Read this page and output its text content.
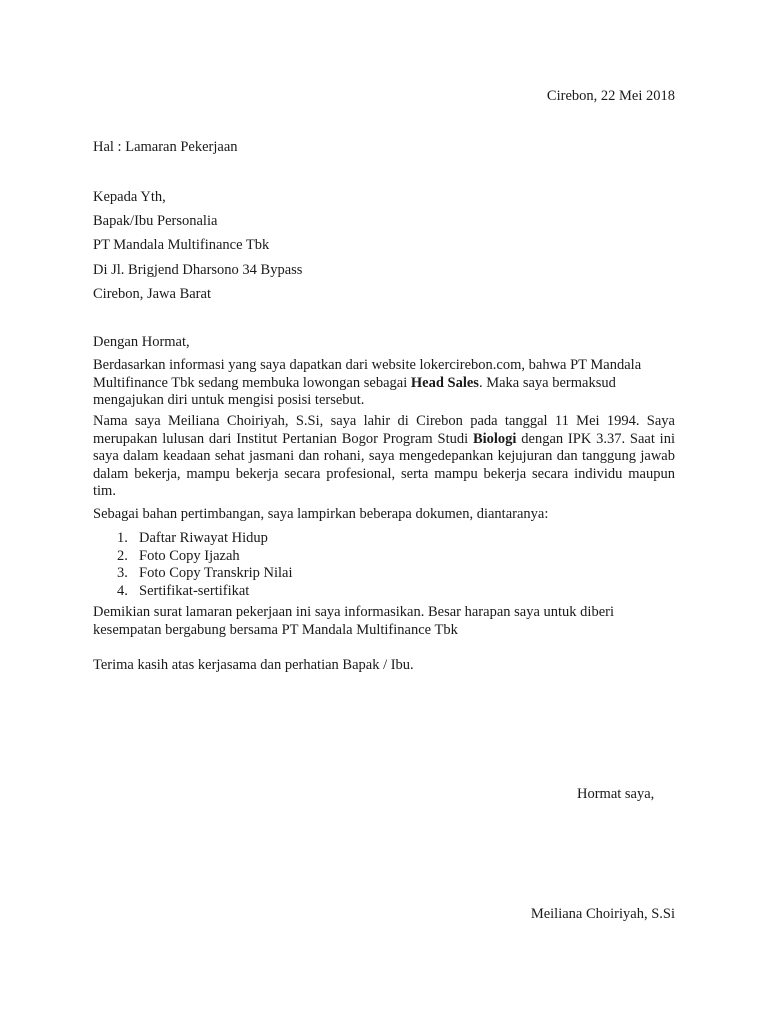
Cirebon, 22 Mei 2018
Hal : Lamaran Pekerjaan
Kepada Yth,
Bapak/Ibu Personalia
PT Mandala Multifinance Tbk
Di Jl. Brigjend Dharsono 34 Bypass
Cirebon, Jawa Barat
Dengan Hormat,
Berdasarkan informasi yang saya dapatkan dari website lokercirebon.com, bahwa PT Mandala Multifinance Tbk sedang membuka lowongan sebagai Head Sales. Maka saya bermaksud mengajukan diri untuk mengisi posisi tersebut.
Nama saya Meiliana Choiriyah, S.Si, saya lahir di Cirebon pada tanggal 11 Mei 1994. Saya merupakan lulusan dari Institut Pertanian Bogor Program Studi Biologi dengan IPK 3.37. Saat ini saya dalam keadaan sehat jasmani dan rohani, saya mengedepankan kejujuran dan tanggung jawab dalam bekerja, mampu bekerja secara profesional, serta mampu bekerja secara individu maupun tim.
Sebagai bahan pertimbangan, saya lampirkan beberapa dokumen, diantaranya:
1. Daftar Riwayat Hidup
2. Foto Copy Ijazah
3. Foto Copy Transkrip Nilai
4. Sertifikat-sertifikat
Demikian surat lamaran pekerjaan ini saya informasikan. Besar harapan saya untuk diberi kesempatan bergabung bersama PT Mandala Multifinance Tbk
Terima kasih atas kerjasama dan perhatian Bapak / Ibu.
Hormat saya,
Meiliana Choiriyah, S.Si
